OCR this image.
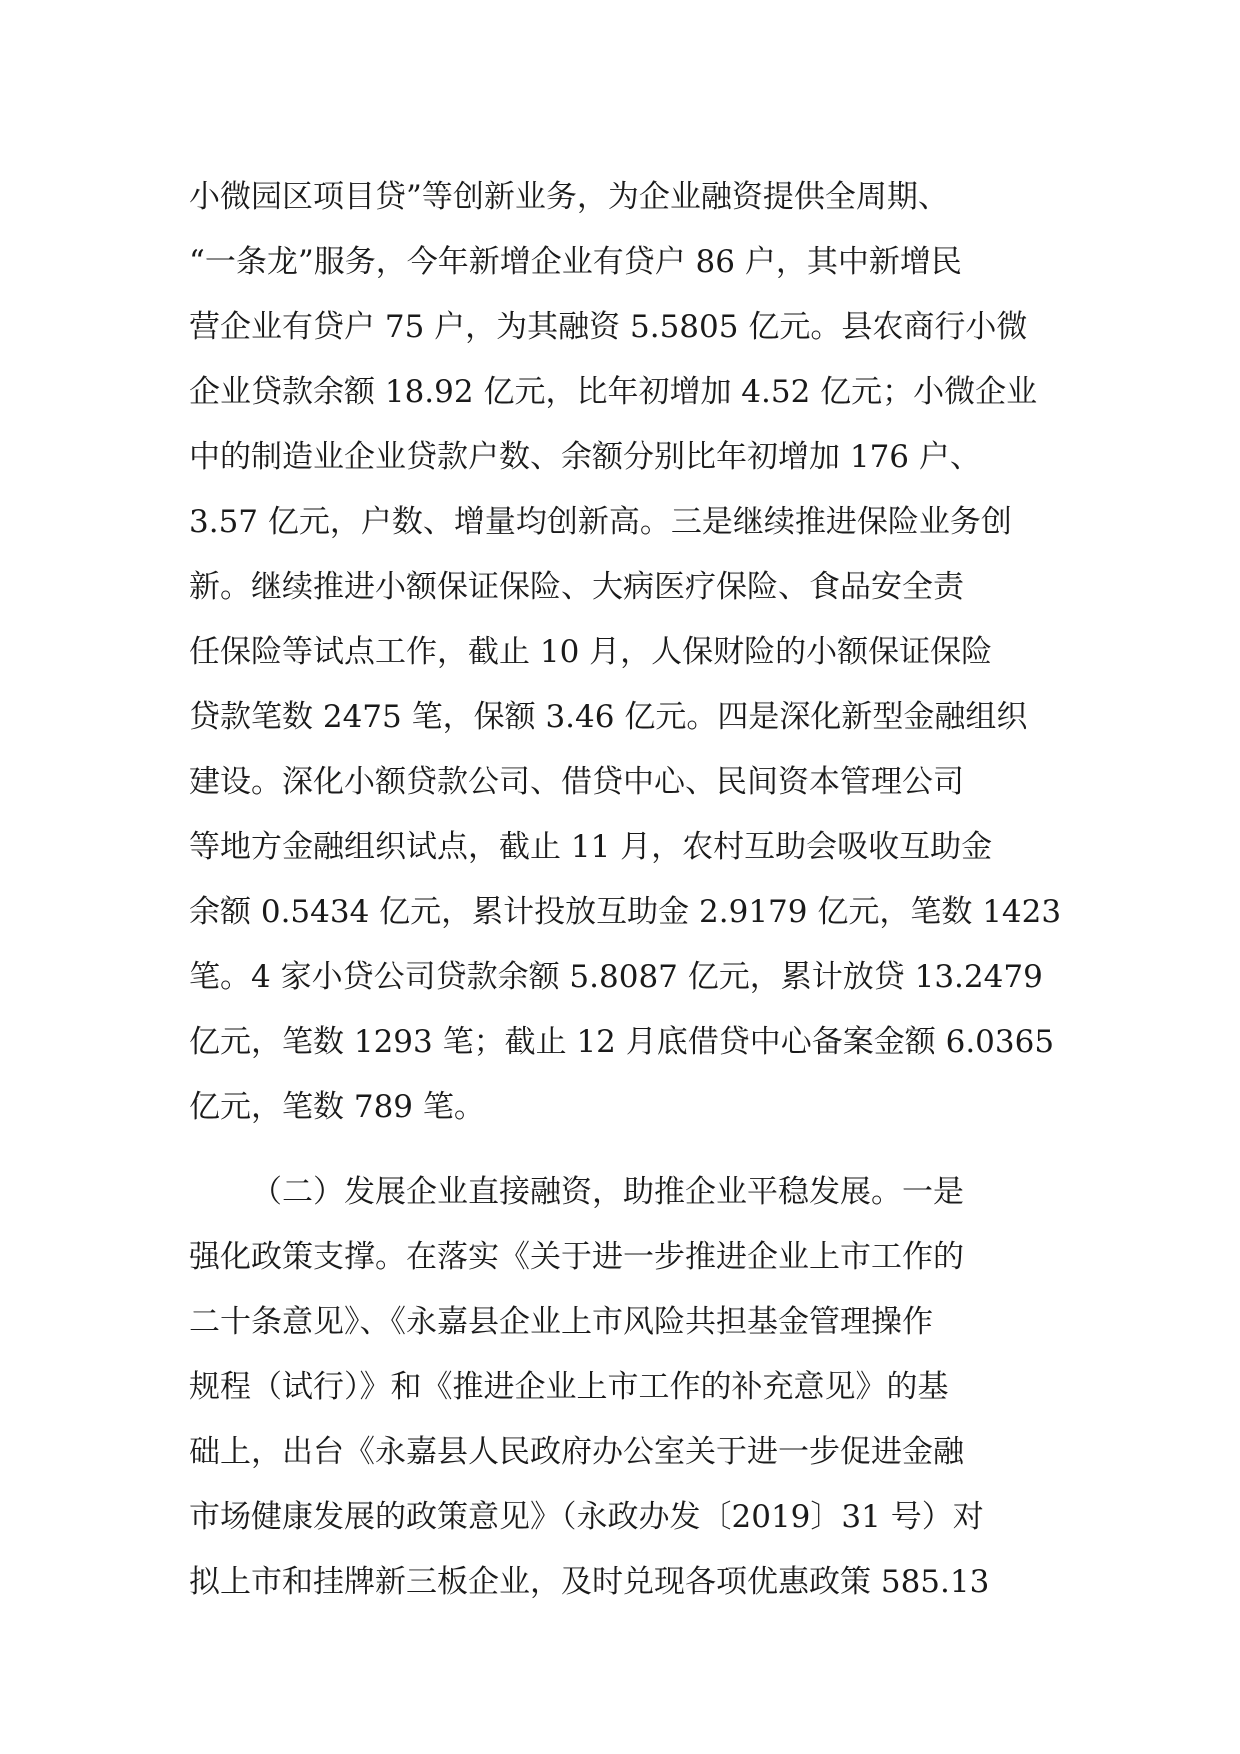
小微园区项目贷”等创新业务，为企业融资提供全周期、
“一条龙”服务，今年新增企业有贷户 86 户，其中新增民
营企业有贷户 75 户，为其融资 5.5805 亿元。县农商行小微
企业贷款余额 18.92 亿元，比年初增加 4.52 亿元；小微企业
中的制造业企业贷款户数、余额分别比年初增加 176 户、
3.57 亿元，户数、增量均创新高。三是继续推进保险业务创
新。继续推进小额保证保险、大病医疗保险、食品安全责
任保险等试点工作，截止 10 月，人保财险的小额保证保险
贷款笔数 2475 笔，保额 3.46 亿元。四是深化新型金融组织
建设。深化小额贷款公司、借贷中心、民间资本管理公司
等地方金融组织试点，截止 11 月，农村互助会吸收互助金
余额 0.5434 亿元，累计投放互助金 2.9179 亿元，笔数 1423
笔。4 家小贷公司贷款余额 5.8087 亿元，累计放贷 13.2479
亿元，笔数 1293 笔；截止 12 月底借贷中心备案金额 6.0365
亿元，笔数 789 笔。
（二）发展企业直接融资，助推企业平稳发展。一是
强化政策支撑。在落实《关于进一步推进企业上市工作的
二十条意见》、《永嘉县企业上市风险共担基金管理操作
规程（试行）》和《推进企业上市工作的补充意见》的基
础上，出台《永嘉县人民政府办公室关于进一步促进金融
市场健康发展的政策意见》（永政办发〔2019〕31 号）对
拟上市和挂牌新三板企业，及时兑现各项优惠政策 585.13
